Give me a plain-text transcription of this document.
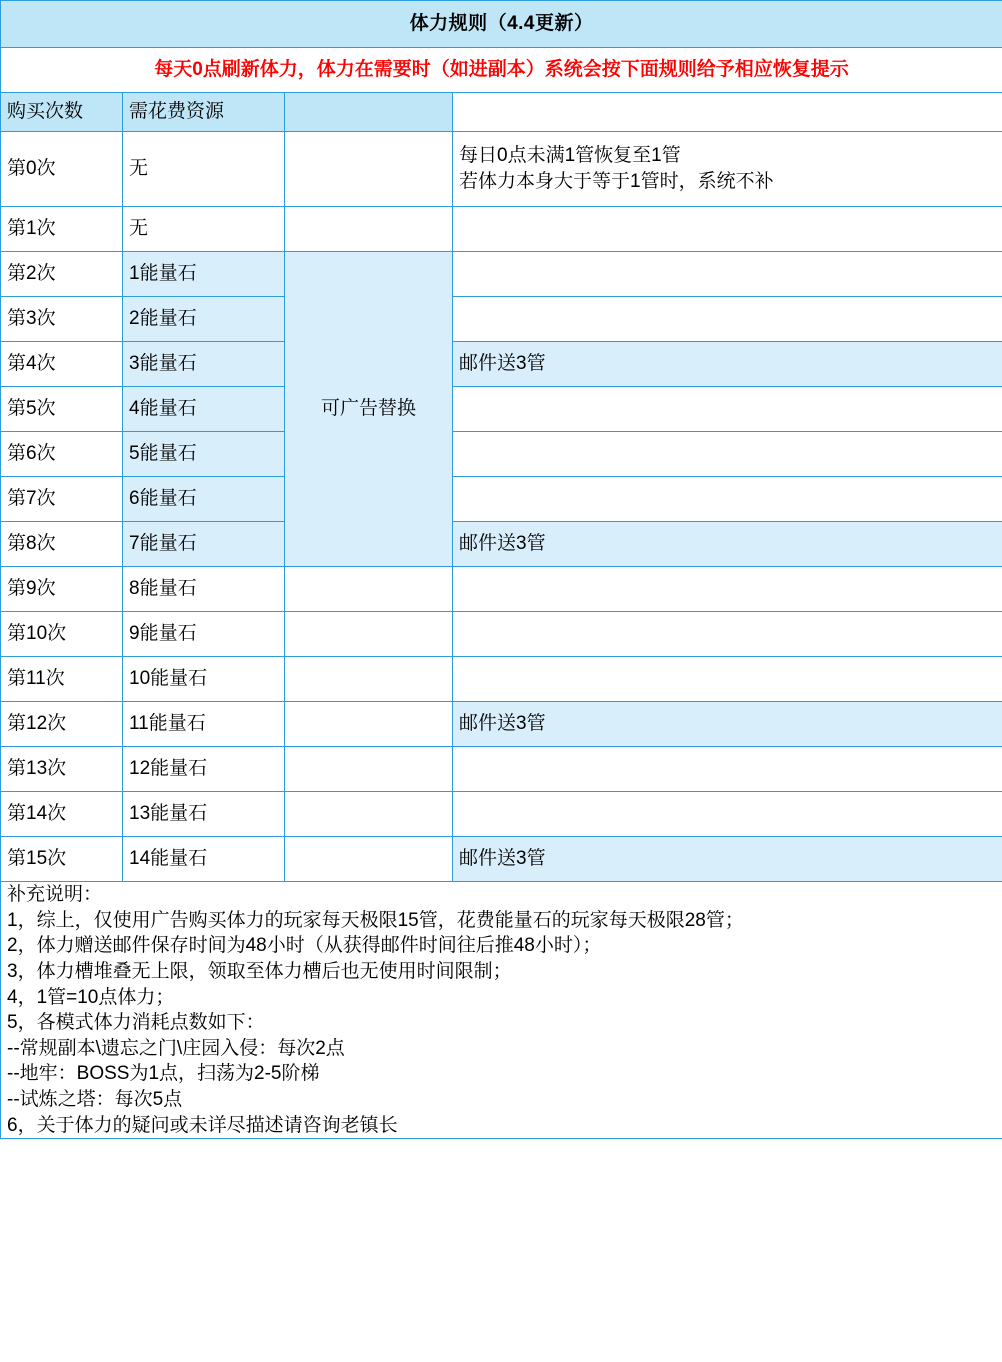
体力规则（4.4更新）			
每天0点刷新体力，体力在需要时（如进副本）系统会按下面规则给予相应恢复提示			
购买次数	需花费资源		
第0次	无		每日0点未满1管恢复至1管
若体力本身大于等于1管时，系统不补

第1次	无		
第2次	1能量石	可广告替换	
第3次	2能量石		
第4次	3能量石		邮件送3管
第5次	4能量石		
第6次	5能量石		
第7次	6能量石		
第8次	7能量石		邮件送3管
第9次	8能量石		
第10次	9能量石		
第11次	10能量石		
第12次	11能量石		邮件送3管
第13次	12能量石		
第14次	13能量石		
第15次	14能量石		邮件送3管

补充说明：

1，综上，仅使用广告购买体力的玩家每天极限15管，花费能量石的玩家每天极限28管；

2，体力赠送邮件保存时间为48小时（从获得邮件时间往后推48小时）；

3，体力槽堆叠无上限，领取至体力槽后也无使用时间限制；

4，1管=10点体力；

5，各模式体力消耗点数如下：

--常规副本\遗忘之门\庄园入侵：每次2点

--地牢：BOSS为1点，扫荡为2-5阶梯

--试炼之塔：每次5点

6，关于体力的疑问或未详尽描述请咨询老镇长
